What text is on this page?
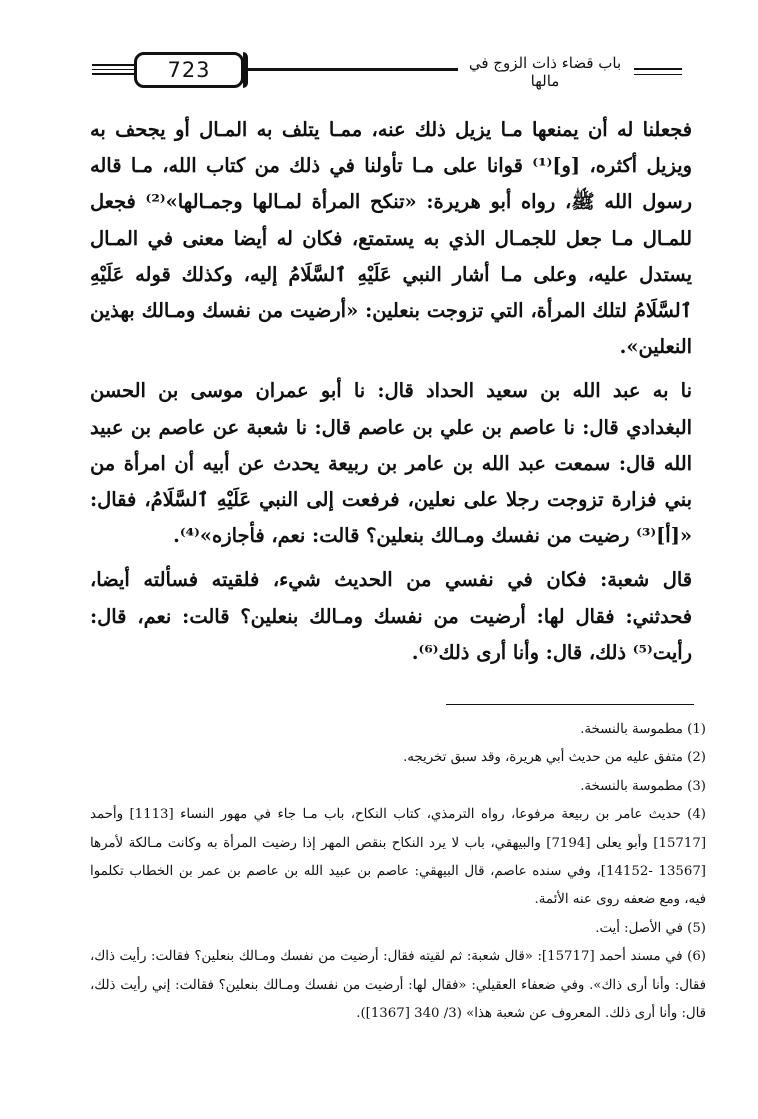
723	باب قضاء ذات الزوج في مالها

فجعلنا له أن يمنعها مـا يزيل ذلك عنه، ممـا يتلف به المـال أو يجحف به ويزيل أكثره، [و]⁽¹⁾ قوانا على مـا تأولنا في ذلك من كتاب الله، مـا قاله رسول الله ﷺ، رواه أبو هريرة: «تنكح المرأة لمـالها وجمـالها»⁽²⁾ فجعل للمـال مـا جعل للجمـال الذي به يستمتع، فكان له أيضا معنى في المـال يستدل عليه، وعلى مـا أشار النبي عَلَيْهِ ٱلسَّلَامُ إليه، وكذلك قوله عَلَيْهِ ٱلسَّلَامُ لتلك المرأة، التي تزوجت بنعلين: «أرضيت من نفسك ومـالك بهذين النعلين».

نا به عبد الله بن سعيد الحداد قال: نا أبو عمران موسى بن الحسن البغدادي قال: نا عاصم بن علي بن عاصم قال: نا شعبة عن عاصم بن عبيد الله قال: سمعت عبد الله بن عامر بن ربيعة يحدث عن أبيه أن امرأة من بني فزارة تزوجت رجلا على نعلين، فرفعت إلى النبي عَلَيْهِ ٱلسَّلَامُ، فقال: «[أ]⁽³⁾ رضيت من نفسك ومـالك بنعلين؟ قالت: نعم، فأجازه»⁽⁴⁾.

قال شعبة: فكان في نفسي من الحديث شيء، فلقيته فسألته أيضا، فحدثني: فقال لها: أرضيت من نفسك ومـالك بنعلين؟ قالت: نعم، قال: رأيت⁽⁵⁾ ذلك، قال: وأنا أرى ذلك⁽⁶⁾.

(1) مطموسة بالنسخة.

(2) متفق عليه من حديث أبي هريرة، وقد سبق تخريجه.

(3) مطموسة بالنسخة.

(4) حديث عامر بن ربيعة مرفوعا، رواه الترمذي، كتاب النكاح، باب مـا جاء في مهور النساء [1113] وأحمد [15717] وأبو يعلى [7194] والبيهقي، باب لا يرد النكاح بنقص المهر إذا رضيت المرأة به وكانت مـالكة لأمرها [13567 -14152]، وفي سنده عاصم، قال البيهقي: عاصم بن عبيد الله بن عاصم بن عمر بن الخطاب تكلموا فيه، ومع ضعفه روى عنه الأئمة.

(5) في الأصل: أيت.

(6) في مسند أحمد [15717]: «قال شعبة: ثم لقيته فقال: أرضيت من نفسك ومـالك بنعلين؟ فقالت: رأيت ذاك، فقال: وأنا أرى ذاك». وفي ضعفاء العقيلي: «فقال لها: أرضيت من نفسك ومـالك بنعلين؟ فقالت: إني رأيت ذلك، قال: وأنا أرى ذلك. المعروف عن شعبة هذا» (3/ 340 [1367]).
